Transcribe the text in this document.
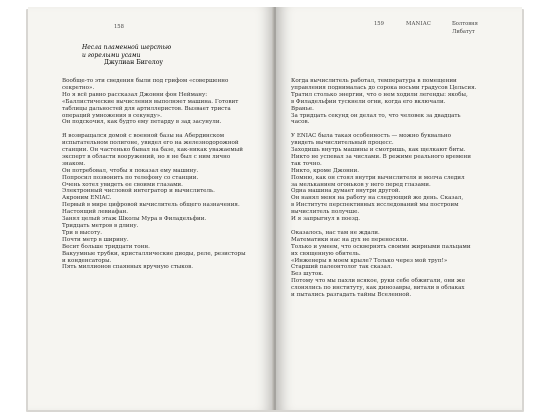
158
Несла пламенной шерстью
и горелыми усами
Джулиан Бигелоу
Вообще-то эти сведения были под грифом «совершенно
секретно».
Но я всё равно рассказал Джонни фон Нейману:
«Баллистические вычисления выполняет машина. Готовит
таблицы дальностей для артиллеристов. Вызвает триста
операций умножения в секунду».
Он подскочил, как будто ему петарду в зад засунули.
Я возвращался домой с военной базы на Абердинском
испытательном полигоне, увидел его на железнодорожной
станции. Он частенько бывал на базе, как-никак уважаемый
эксперт в области вооружений, но я не был с ним лично
знаком.
Он потребовал, чтобы я показал ему машину.
Попросил позвонить по телефону со станции.
Очень хотел увидеть ее своими глазами.
Электронный числовой интегратор и вычислитель.
Акроним ENIAC.
Первый в мире цифровой вычислитель общего назначения.
Настоящий левиафан.
Занял целый этаж Школы Мура в Филадельфии.
Тридцать метров в длину.
Три в высоту.
Почти метр в ширину.
Весит больше тридцати тонн.
Вакуумные трубки, кристаллические диоды, реле, резисторы
и конденсаторы.
Пять миллионов спаянных вручную стыков.
159	MANIAC	Болтовня
Либатут
Когда вычислитель работал, температура в помещении
управления поднималась до сорока восьми градусов Цельсия.
Тратил столько энергии, что о нем ходили легенды: якобы,
в Филадельфии тускнели огни, когда его включали.
Вранье.
За тридцать секунд он делал то, что человек за двадцать
часов.
У ENIAC была такая особенность — можно буквально
увидеть вычислительный процесс.
Заходишь внутрь машины и смотришь, как щелкают биты.
Никто не успевал за числами. В режиме реального времени
так точно.
Никто, кроме Джонни.
Помню, как он стоял внутри вычислителя и молча следил
за мельканием огоньков у него перед глазами.
Одна машина думает внутри другой.
Он нанял меня на работу на следующий же день. Сказал,
в Институте перспективных исследований мы построим
вычислитель получше.
И я запрыгнул в поезд.
Оказалось, нас там не ждали.
Математики нас на дух не переносили.
Только и умеем, что осквернять своими жирными пальцами
их священную обитель.
«Инженеры в моем крыле? Только через мой труп!»
Старший палеонтолог так сказал.
Без шуток.
Потому что мы пахли всякое, руки себе обжигали, они же
слонялись по институту, как динозавры, витали в облаках
и пытались разгадать тайны Вселенной.
